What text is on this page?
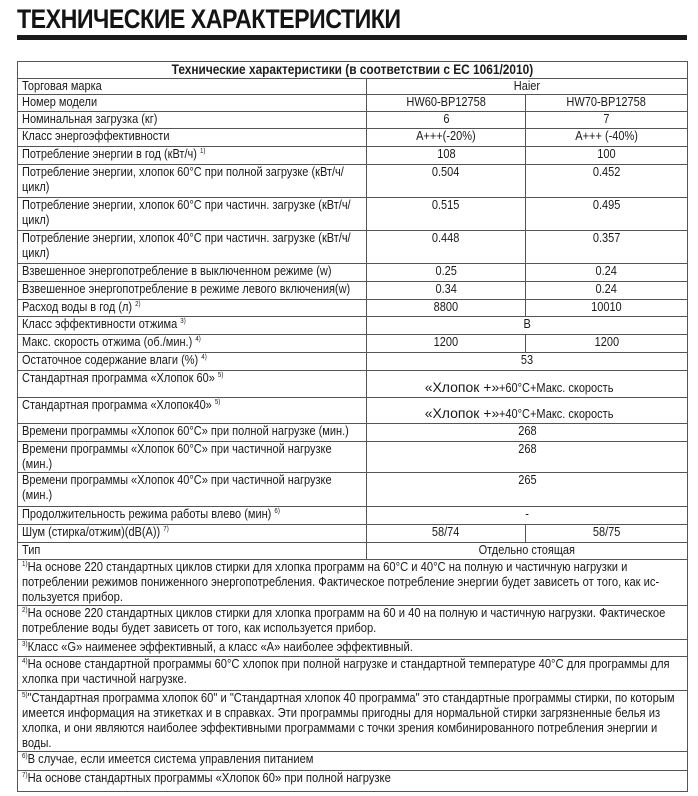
ТЕХНИЧЕСКИЕ ХАРАКТЕРИСТИКИ
Технические характеристики (в соответствии с ЕС 1061/2010)		
Торговая марка	Haier	
Номер модели	HW60-BP12758	HW70-BP12758
Номинальная загрузка (кг)	6	7
Класс энергоэффективности	A+++(-20%)	A+++ (-40%)
Потребление энергии в год (кВт/ч) $^{1)}$	108	100

Потребление энергии, хлопок 60°C при полной загрузке (кВт/ч/цикл)	0.504	0.452

Потребление энергии, хлопок 60°C при частичн. загрузке (кВт/ч/цикл)	0.515	0.495

Потребление энергии, хлопок 40°C при частичн. загрузке (кВт/ч/цикл)	0.448	0.357
Взвешенное энергопотребление в выключенном режиме (w)	0.25	0.24
Взвешенное энергопотребление в режиме левого включения(w)	0.34	0.24
Расход воды в год (л) $^{2)}$	8800	10010
Класс эффективности отжима $^{3)}$	B	
Макс. скорость отжима (об./мин.) $^{4)}$	1200	1200
Остаточное содержание влаги (%) $^{4)}$	53	

Стандартная программа «Хлопок 60» $^{5)}$	«Хлопок +»+60°C+Макс. скорость	

Стандартная программа «Хлопок40» $^{5)}$	«Хлопок +»+40°C+Макс. скорость	
Времени программы «Хлопок 60°C» при полной нагрузке (мин.)	268	

Времени программы «Хлопок 60°C» при частичной нагрузке (мин.)	268	

Времени программы «Хлопок 40°C» при частичной нагрузке (мин.)	265	
Продолжительность режима работы влево (мин) $^{6)}$	-	
Шум (стирка/отжим)(dB(A)) $^{7)}$	58/74	58/75
Тип	Отдельно стоящая	

$^{1)}$На основе 220 стандартных циклов стирки для хлопка программ на 60°C и 40°C на полную и частичную нагрузки и потреблении режимов пониженного энергопотребления. Фактическое потребление энергии будет зависеть от того, как ис-пользуется прибор.		

$^{2)}$На основе 220 стандартных циклов стирки для хлопка программ на 60 и 40 на полную и частичную нагрузки. Фактическое потребление воды будет зависеть от того, как используется прибор.		

$^{3)}$Класс «G» наименее эффективный, а класс «A» наиболее эффективный.		

$^{4)}$На основе стандартной программы 60°C хлопок при полной нагрузке и стандартной температуре 40°C для программы для хлопка при частичной нагрузке.		

$^{5)}$"Стандартная программа хлопок 60" и "Стандартная хлопок 40 программа" это стандартные программы стирки, по которым имеется информация на этикетках и в справках. Эти программы пригодны для нормальной стирки загрязненные белья из хлопка, и они являются наиболее эффективными программами с точки зрения комбинированного потребления энергии и воды.		

$^{6)}$В случае, если имеется система управления питанием		

$^{7)}$На основе стандартных программы «Хлопок 60» при полной нагрузке		
